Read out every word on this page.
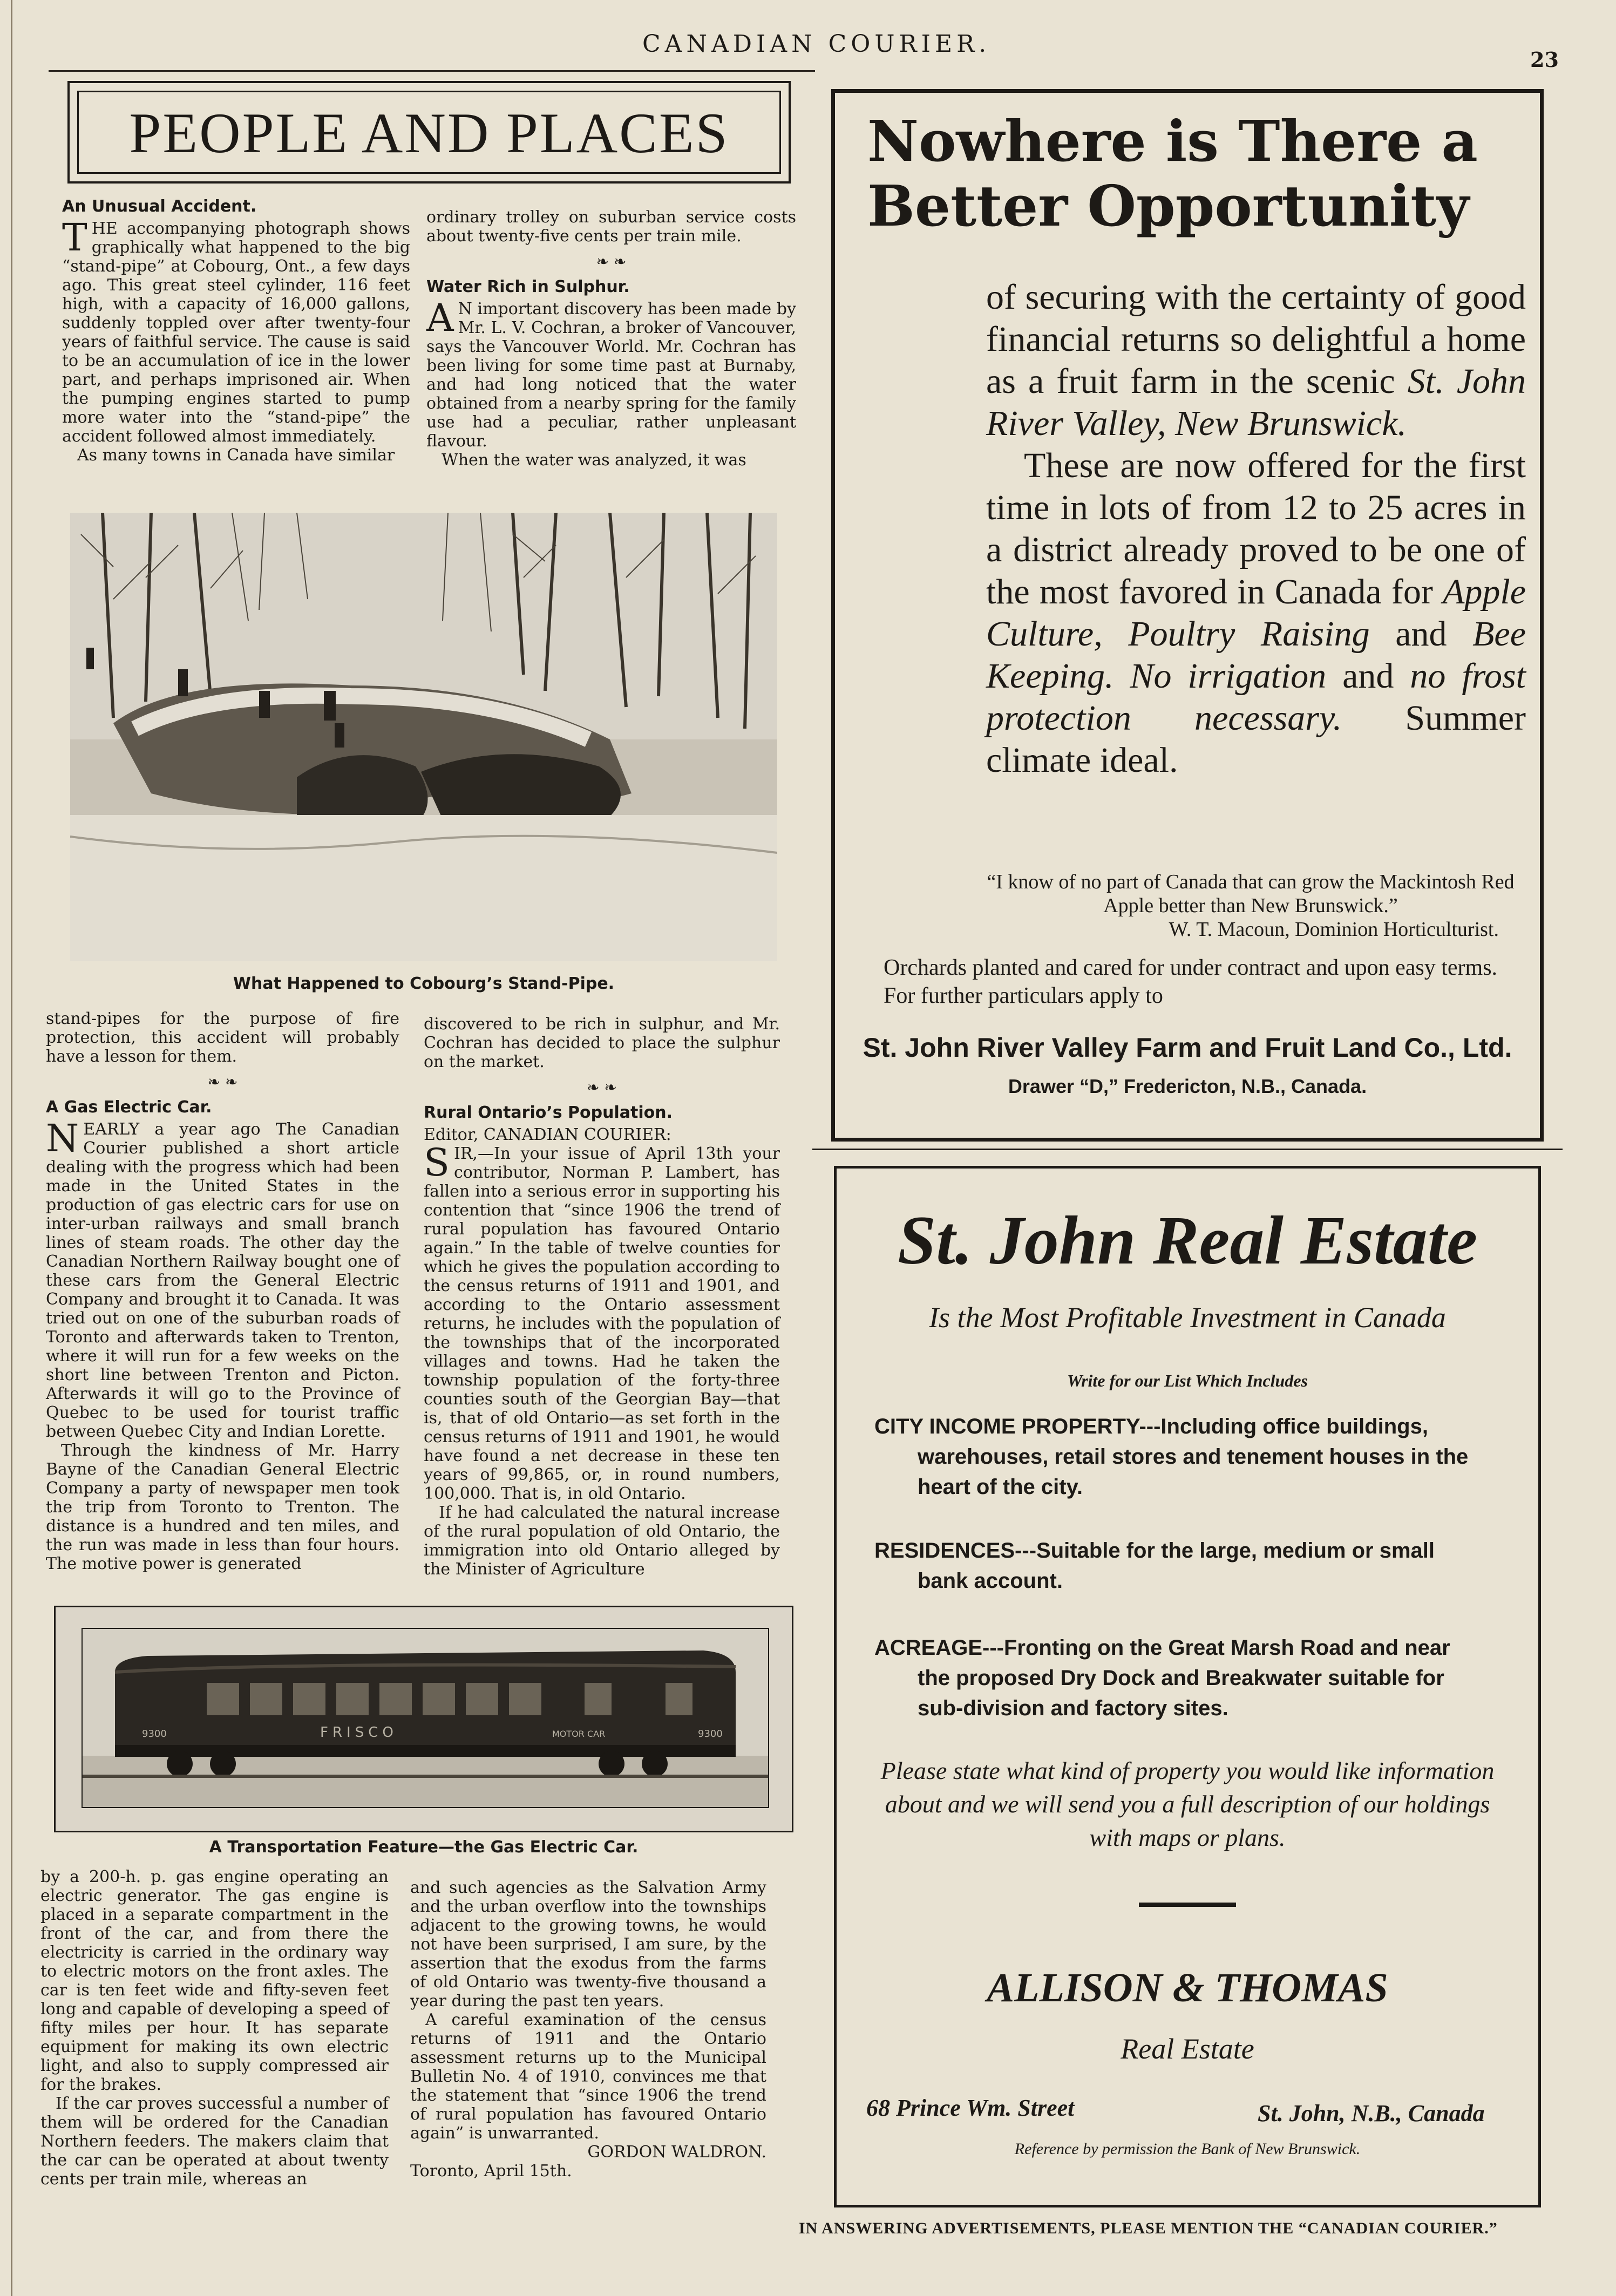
CANADIAN COURIER.
23
PEOPLE AND PLACES
An Unusual Accident.

THE accompanying photograph shows graphically what happened to the big “stand-pipe” at Cobourg, Ont., a few days ago. This great steel cylinder, 116 feet high, with a capacity of 16,000 gallons, suddenly toppled over after twenty-four years of faithful service. The cause is said to be an accumulation of ice in the lower part, and perhaps imprisoned air. When the pumping engines started to pump more water into the “stand-pipe” the accident followed almost immediately.

As many towns in Canada have similar

ordinary trolley on suburban service costs about twenty-five cents per train mile.

❧ ❧
Water Rich in Sulphur.

A N important discovery has been made by Mr. L. V. Cochran, a broker of Vancouver, says the Vancouver World. Mr. Cochran has been living for some time past at Burnaby, and had long noticed that the water obtained from a nearby spring for the family use had a peculiar, rather unpleasant flavour.

When the water was analyzed, it was

What Happened to Cobourg’s Stand-Pipe.

stand-pipes for the purpose of fire protection, this accident will probably have a lesson for them.

❧ ❧
A Gas Electric Car.

NEARLY a year ago The Canadian Courier published a short article dealing with the progress which had been made in the United States in the production of gas electric cars for use on inter-urban railways and small branch lines of steam roads. The other day the Canadian Northern Railway bought one of these cars from the General Electric Company and brought it to Canada. It was tried out on one of the suburban roads of Toronto and afterwards taken to Trenton, where it will run for a few weeks on the short line between Trenton and Picton. Afterwards it will go to the Province of Quebec to be used for tourist traffic between Quebec City and Indian Lorette.

Through the kindness of Mr. Harry Bayne of the Canadian General Electric Company a party of newspaper men took the trip from Toronto to Trenton. The distance is a hundred and ten miles, and the run was made in less than four hours. The motive power is generated

discovered to be rich in sulphur, and Mr. Cochran has decided to place the sulphur on the market.

❧ ❧
Rural Ontario’s Population.

Editor, CANADIAN COURIER:

SIR,—In your issue of April 13th your contributor, Norman P. Lambert, has fallen into a serious error in supporting his contention that “since 1906 the trend of rural population has favoured Ontario again.” In the table of twelve counties for which he gives the population according to the census returns of 1911 and 1901, and according to the Ontario assessment returns, he includes with the population of the townships that of the incorporated villages and towns. Had he taken the township population of the forty-three counties south of the Georgian Bay—that is, that of old Ontario—as set forth in the census returns of 1911 and 1901, he would have found a net decrease in these ten years of 99,865, or, in round numbers, 100,000. That is, in old Ontario.

If he had calculated the natural increase of the rural population of old Ontario, the immigration into old Ontario alleged by the Minister of Agriculture

9300	FRISCO	MOTOR CAR	9300
A Transportation Feature—the Gas Electric Car.

by a 200-h. p. gas engine operating an electric generator. The gas engine is placed in a separate compartment in the front of the car, and from there the electricity is carried in the ordinary way to electric motors on the front axles. The car is ten feet wide and fifty-seven feet long and capable of developing a speed of fifty miles per hour. It has separate equipment for making its own electric light, and also to supply compressed air for the brakes.

If the car proves successful a number of them will be ordered for the Canadian Northern feeders. The makers claim that the car can be operated at about twenty cents per train mile, whereas an

and such agencies as the Salvation Army and the urban overflow into the townships adjacent to the growing towns, he would not have been surprised, I am sure, by the assertion that the exodus from the farms of old Ontario was twenty-five thousand a year during the past ten years.

A careful examination of the census returns of 1911 and the Ontario assessment returns up to the Municipal Bulletin No. 4 of 1910, convinces me that the statement that “since 1906 the trend of rural population has favoured Ontario again” is unwarranted.

GORDON WALDRON.
Toronto, April 15th.
Nowhere is There a
Better Opportunity

of securing with the certainty of good financial returns so delightful a home as a fruit farm in the scenic St. John River Valley, New Brunswick.

These are now offered for the first time in lots of from 12 to 25 acres in a district already proved to be one of the most favored in Canada for Apple Culture, Poultry Raising and Bee Keeping. No irrigation and no frost protection necessary. Summer climate ideal.

“I know of no part of Canada that can grow the Mackintosh Red Apple better than New Brunswick.”
W. T. Macoun, Dominion Horticulturist.
Orchards planted and cared for under contract and upon easy terms. For further particulars apply to
St. John River Valley Farm and Fruit Land Co., Ltd.
Drawer “D,” Fredericton, N.B., Canada.
St. John Real Estate
Is the Most Profitable Investment in Canada
Write for our List Which Includes
CITY INCOME PROPERTY---Including office buildings,
warehouses, retail stores and tenement houses in the
heart of the city.
RESIDENCES---Suitable for the large, medium or small
bank account.
ACREAGE---Fronting on the Great Marsh Road and near
the proposed Dry Dock and Breakwater suitable for
sub-division and factory sites.
Please state what kind of property you would like information about and we will send you a full description of our holdings with maps or plans.
ALLISON & THOMAS
Real Estate
68 Prince Wm. Street	St. John, N.B., Canada
Reference by permission the Bank of New Brunswick.
IN ANSWERING ADVERTISEMENTS, PLEASE MENTION THE “CANADIAN COURIER.”
